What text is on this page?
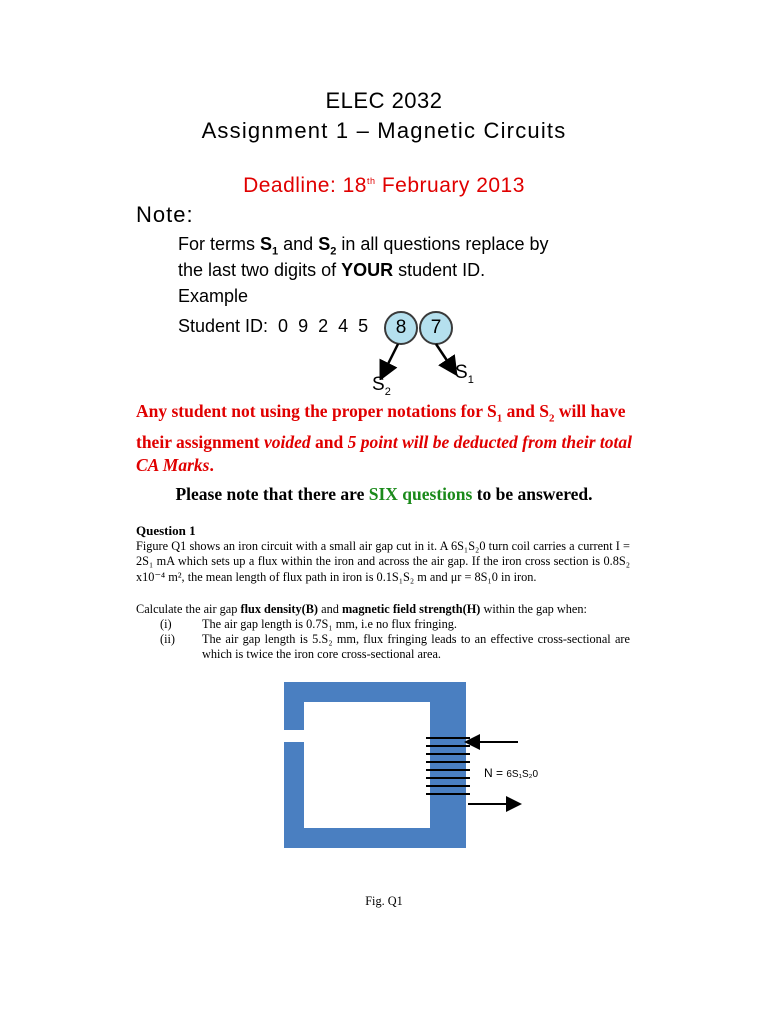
ELEC 2032
Assignment 1 – Magnetic Circuits
Deadline: 18th February 2013
Note:
For terms $S_1$ and $S_2$ in all questions replace by
the last two digits of YOUR student ID.
Example
Student ID:  0  9  2  4  5	8	7
$S_2$
$S_1$
Any student not using the proper notations for $S_1$ and $S_2$ will have their assignment voided and 5 point will be deducted from their total CA Marks.
Please note that there are SIX questions to be answered.
Question 1
Figure Q1 shows an iron circuit with a small air gap cut in it. A 6S₁S₂0 turn coil carries a current I = 2S₁ mA which sets up a flux within the iron and across the air gap. If the iron cross section is 0.8S₂ x10⁻⁴ m², the mean length of flux path in iron is 0.1S₁S₂ m and μr = 8S₁0 in iron.
Calculate the air gap flux density(B) and magnetic field strength(H) within the gap when:
(i) The air gap length is 0.7S₁ mm, i.e no flux fringing.
(ii) The air gap length is 5.S₂ mm, flux fringing leads to an effective cross-sectional are which is twice the iron core cross-sectional area.
N = 6S₁S₂0
Fig. Q1
